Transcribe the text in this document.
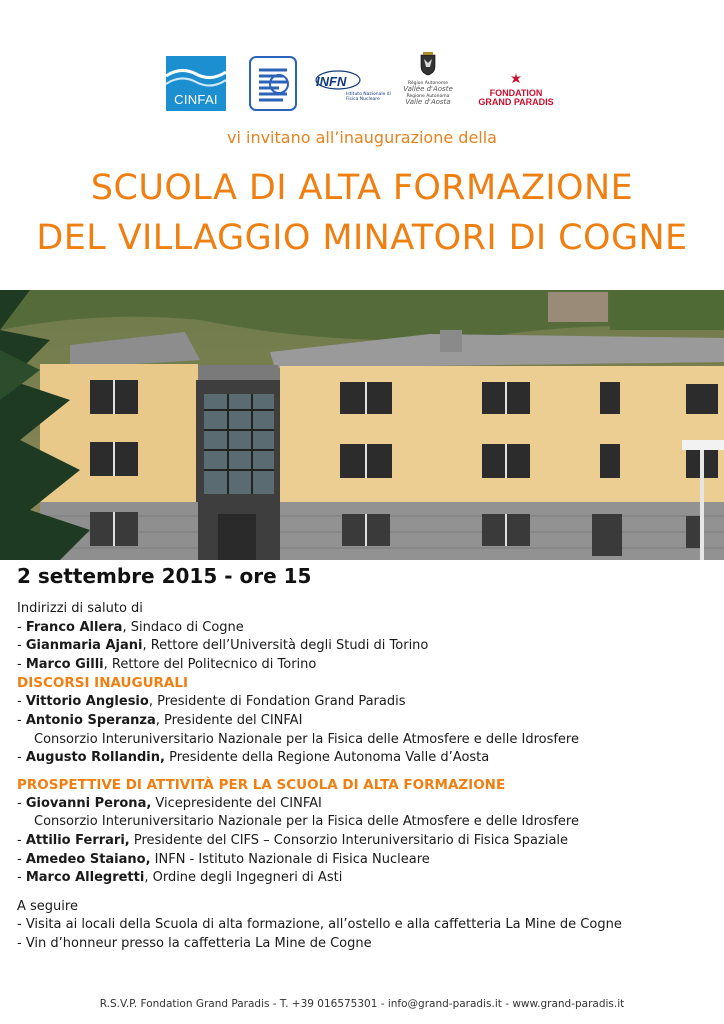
CINFAI
INFN
Istituto Nazionale di Fisica Nucleare
Région Autonome
Vallée d'Aoste
Regione Autonoma
Valle d'Aosta
FONDATION
GRAND PARADIS
vi invitano all’inaugurazione della
SCUOLA DI ALTA FORMAZIONE
DEL VILLAGGIO MINATORI DI COGNE
2 settembre 2015 - ore 15
Indirizzi di saluto di
- Franco Allera, Sindaco di Cogne
- Gianmaria Ajani, Rettore dell’Università degli Studi di Torino
- Marco Gilli, Rettore del Politecnico di Torino
DISCORSI INAUGURALI
- Vittorio Anglesio, Presidente di Fondation Grand Paradis
- Antonio Speranza, Presidente del CINFAI
Consorzio Interuniversitario Nazionale per la Fisica delle Atmosfere e delle Idrosfere
- Augusto Rollandin, Presidente della Regione Autonoma Valle d’Aosta
PROSPETTIVE DI ATTIVITÀ PER LA SCUOLA DI ALTA FORMAZIONE
- Giovanni Perona, Vicepresidente del CINFAI
Consorzio Interuniversitario Nazionale per la Fisica delle Atmosfere e delle Idrosfere
- Attilio Ferrari, Presidente del CIFS – Consorzio Interuniversitario di Fisica Spaziale
- Amedeo Staiano, INFN - Istituto Nazionale di Fisica Nucleare
- Marco Allegretti, Ordine degli Ingegneri di Asti
A seguire
- Visita ai locali della Scuola di alta formazione, all’ostello e alla caffetteria La Mine de Cogne
- Vin d’honneur presso la caffetteria La Mine de Cogne
R.S.V.P. Fondation Grand Paradis - T. +39 016575301 - info@grand-paradis.it - www.grand-paradis.it
